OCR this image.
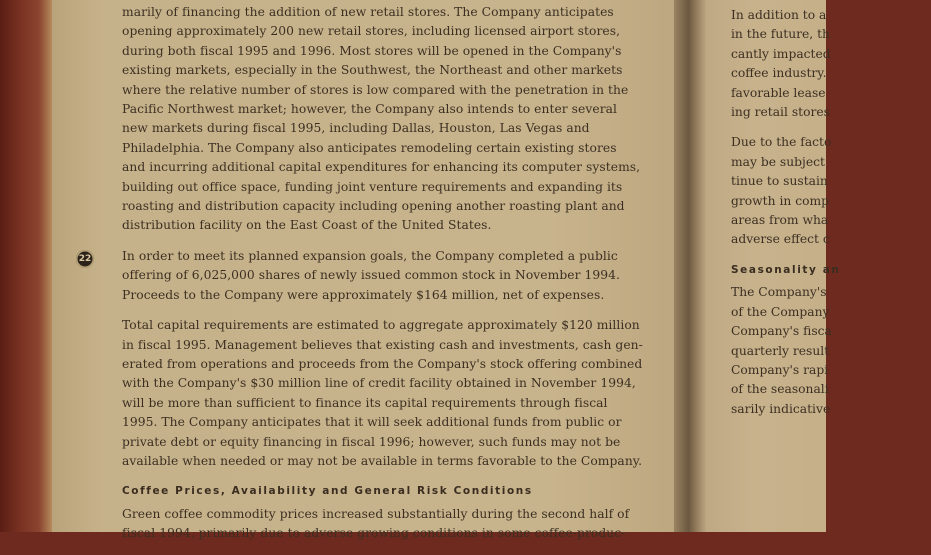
22
marily of financing the addition of new retail stores. The Company anticipates
opening approximately 200 new retail stores, including licensed airport stores,
during both fiscal 1995 and 1996. Most stores will be opened in the Company's
existing markets, especially in the Southwest, the Northeast and other markets
where the relative number of stores is low compared with the penetration in the
Pacific Northwest market; however, the Company also intends to enter several
new markets during fiscal 1995, including Dallas, Houston, Las Vegas and
Philadelphia. The Company also anticipates remodeling certain existing stores
and incurring additional capital expenditures for enhancing its computer systems,
building out office space, funding joint venture requirements and expanding its
roasting and distribution capacity including opening another roasting plant and
distribution facility on the East Coast of the United States.
In order to meet its planned expansion goals, the Company completed a public
offering of 6,025,000 shares of newly issued common stock in November 1994.
Proceeds to the Company were approximately $164 million, net of expenses.
Total capital requirements are estimated to aggregate approximately $120 million
in fiscal 1995. Management believes that existing cash and investments, cash gen-
erated from operations and proceeds from the Company's stock offering combined
with the Company's $30 million line of credit facility obtained in November 1994,
will be more than sufficient to finance its capital requirements through fiscal
1995. The Company anticipates that it will seek additional funds from public or
private debt or equity financing in fiscal 1996; however, such funds may not be
available when needed or may not be available in terms favorable to the Company.
Coffee Prices, Availability and General Risk Conditions
Green coffee commodity prices increased substantially during the second half of
fiscal 1994, primarily due to adverse growing conditions in some coffee-produc-
In addition to a
in the future, th
cantly impacted
coffee industry.
favorable lease
ing retail stores
Due to the facto
may be subject
tinue to sustain
growth in comp
areas from wha
adverse effect c
Seasonality an
The Company's
of the Company
Company's fisca
quarterly result
Company's rapi
of the seasonali
sarily indicative
